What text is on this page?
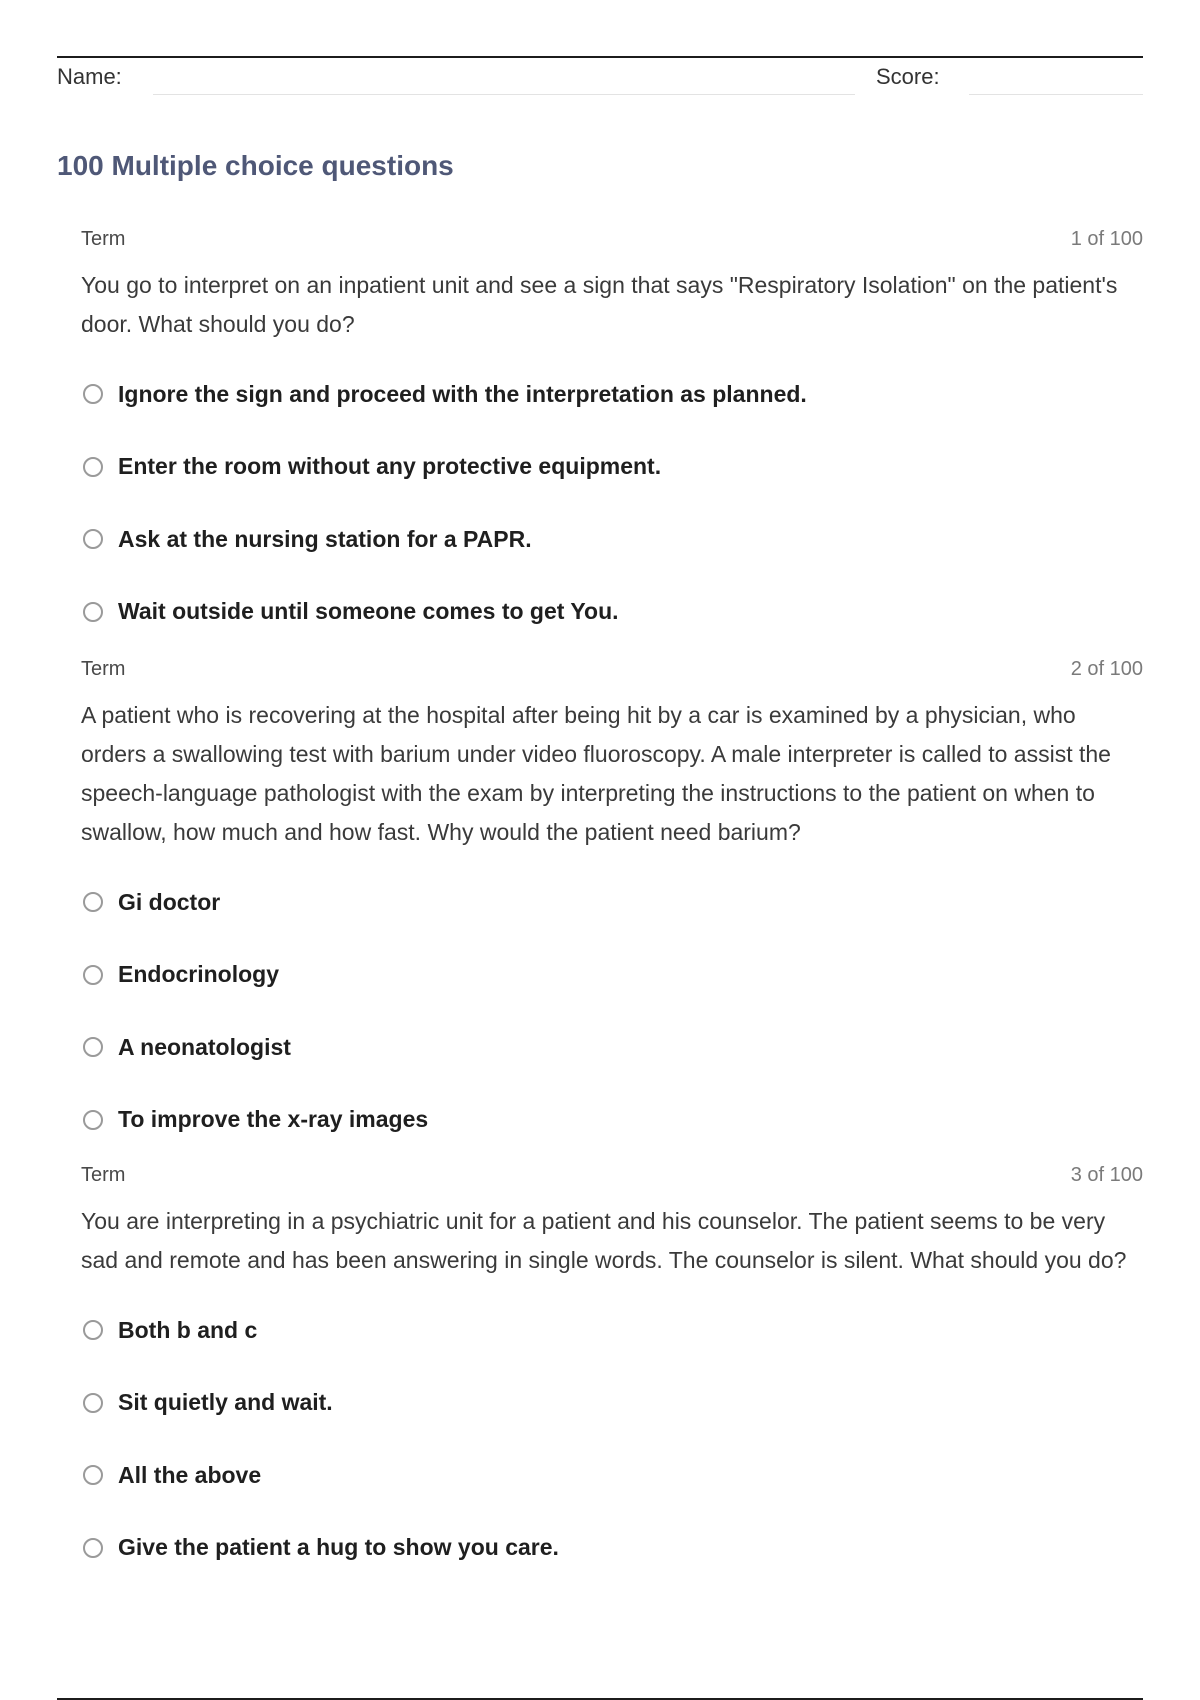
Name:	Score:
100 Multiple choice questions
Term	1 of 100
You go to interpret on an inpatient unit and see a sign that says "Respiratory Isolation" on the patient's door. What should you do?
Ignore the sign and proceed with the interpretation as planned.
Enter the room without any protective equipment.
Ask at the nursing station for a PAPR.
Wait outside until someone comes to get You.
Term	2 of 100
A patient who is recovering at the hospital after being hit by a car is examined by a physician, who orders a swallowing test with barium under video fluoroscopy. A male interpreter is called to assist the speech-language pathologist with the exam by interpreting the instructions to the patient on when to swallow, how much and how fast. Why would the patient need barium?
Gi doctor
Endocrinology
A neonatologist
To improve the x-ray images
Term	3 of 100
You are interpreting in a psychiatric unit for a patient and his counselor. The patient seems to be very sad and remote and has been answering in single words. The counselor is silent. What should you do?
Both b and c
Sit quietly and wait.
All the above
Give the patient a hug to show you care.
